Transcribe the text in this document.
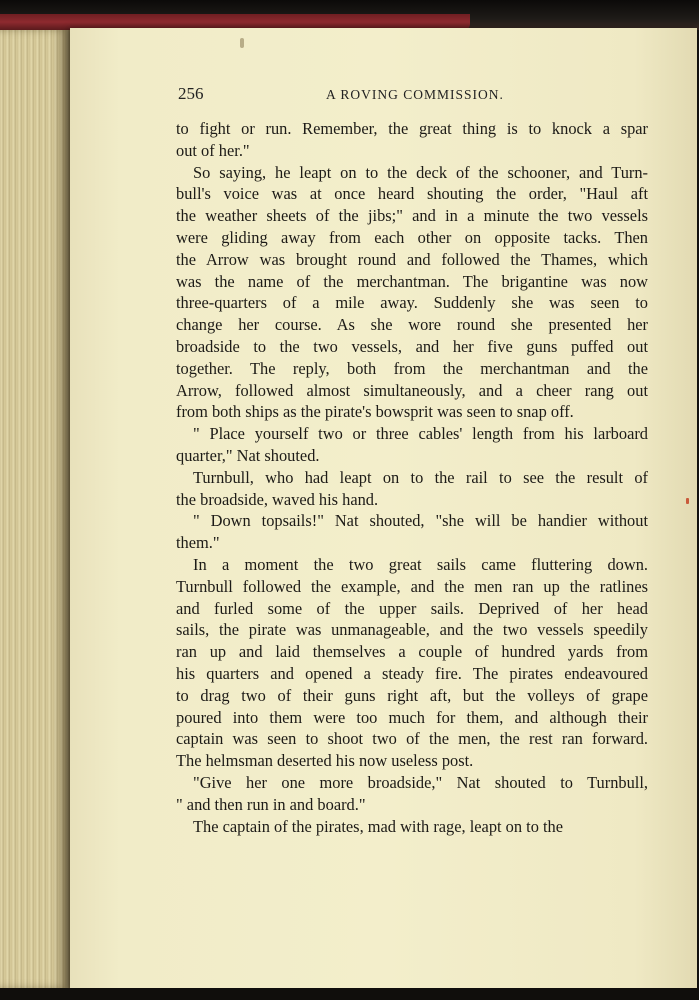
256	A ROVING COMMISSION.

to fight or run. Remember, the great thing is to knock a spar

out of her."

So saying, he leapt on to the deck of the schooner, and Turn-

bull's voice was at once heard shouting the order, "Haul aft

the weather sheets of the jibs;" and in a minute the two vessels

were gliding away from each other on opposite tacks. Then

the Arrow was brought round and followed the Thames, which

was the name of the merchantman. The brigantine was now

three-quarters of a mile away. Suddenly she was seen to

change her course. As she wore round she presented her

broadside to the two vessels, and her five guns puffed out

together. The reply, both from the merchantman and the

Arrow, followed almost simultaneously, and a cheer rang out

from both ships as the pirate's bowsprit was seen to snap off.

" Place yourself two or three cables' length from his larboard

quarter," Nat shouted.

Turnbull, who had leapt on to the rail to see the result of

the broadside, waved his hand.

" Down topsails!" Nat shouted, "she will be handier without

them."

In a moment the two great sails came fluttering down.

Turnbull followed the example, and the men ran up the ratlines

and furled some of the upper sails. Deprived of her head

sails, the pirate was unmanageable, and the two vessels speedily

ran up and laid themselves a couple of hundred yards from

his quarters and opened a steady fire. The pirates endeavoured

to drag two of their guns right aft, but the volleys of grape

poured into them were too much for them, and although their

captain was seen to shoot two of the men, the rest ran forward.

The helmsman deserted his now useless post.

"Give her one more broadside," Nat shouted to Turnbull,

" and then run in and board."

The captain of the pirates, mad with rage, leapt on to the
